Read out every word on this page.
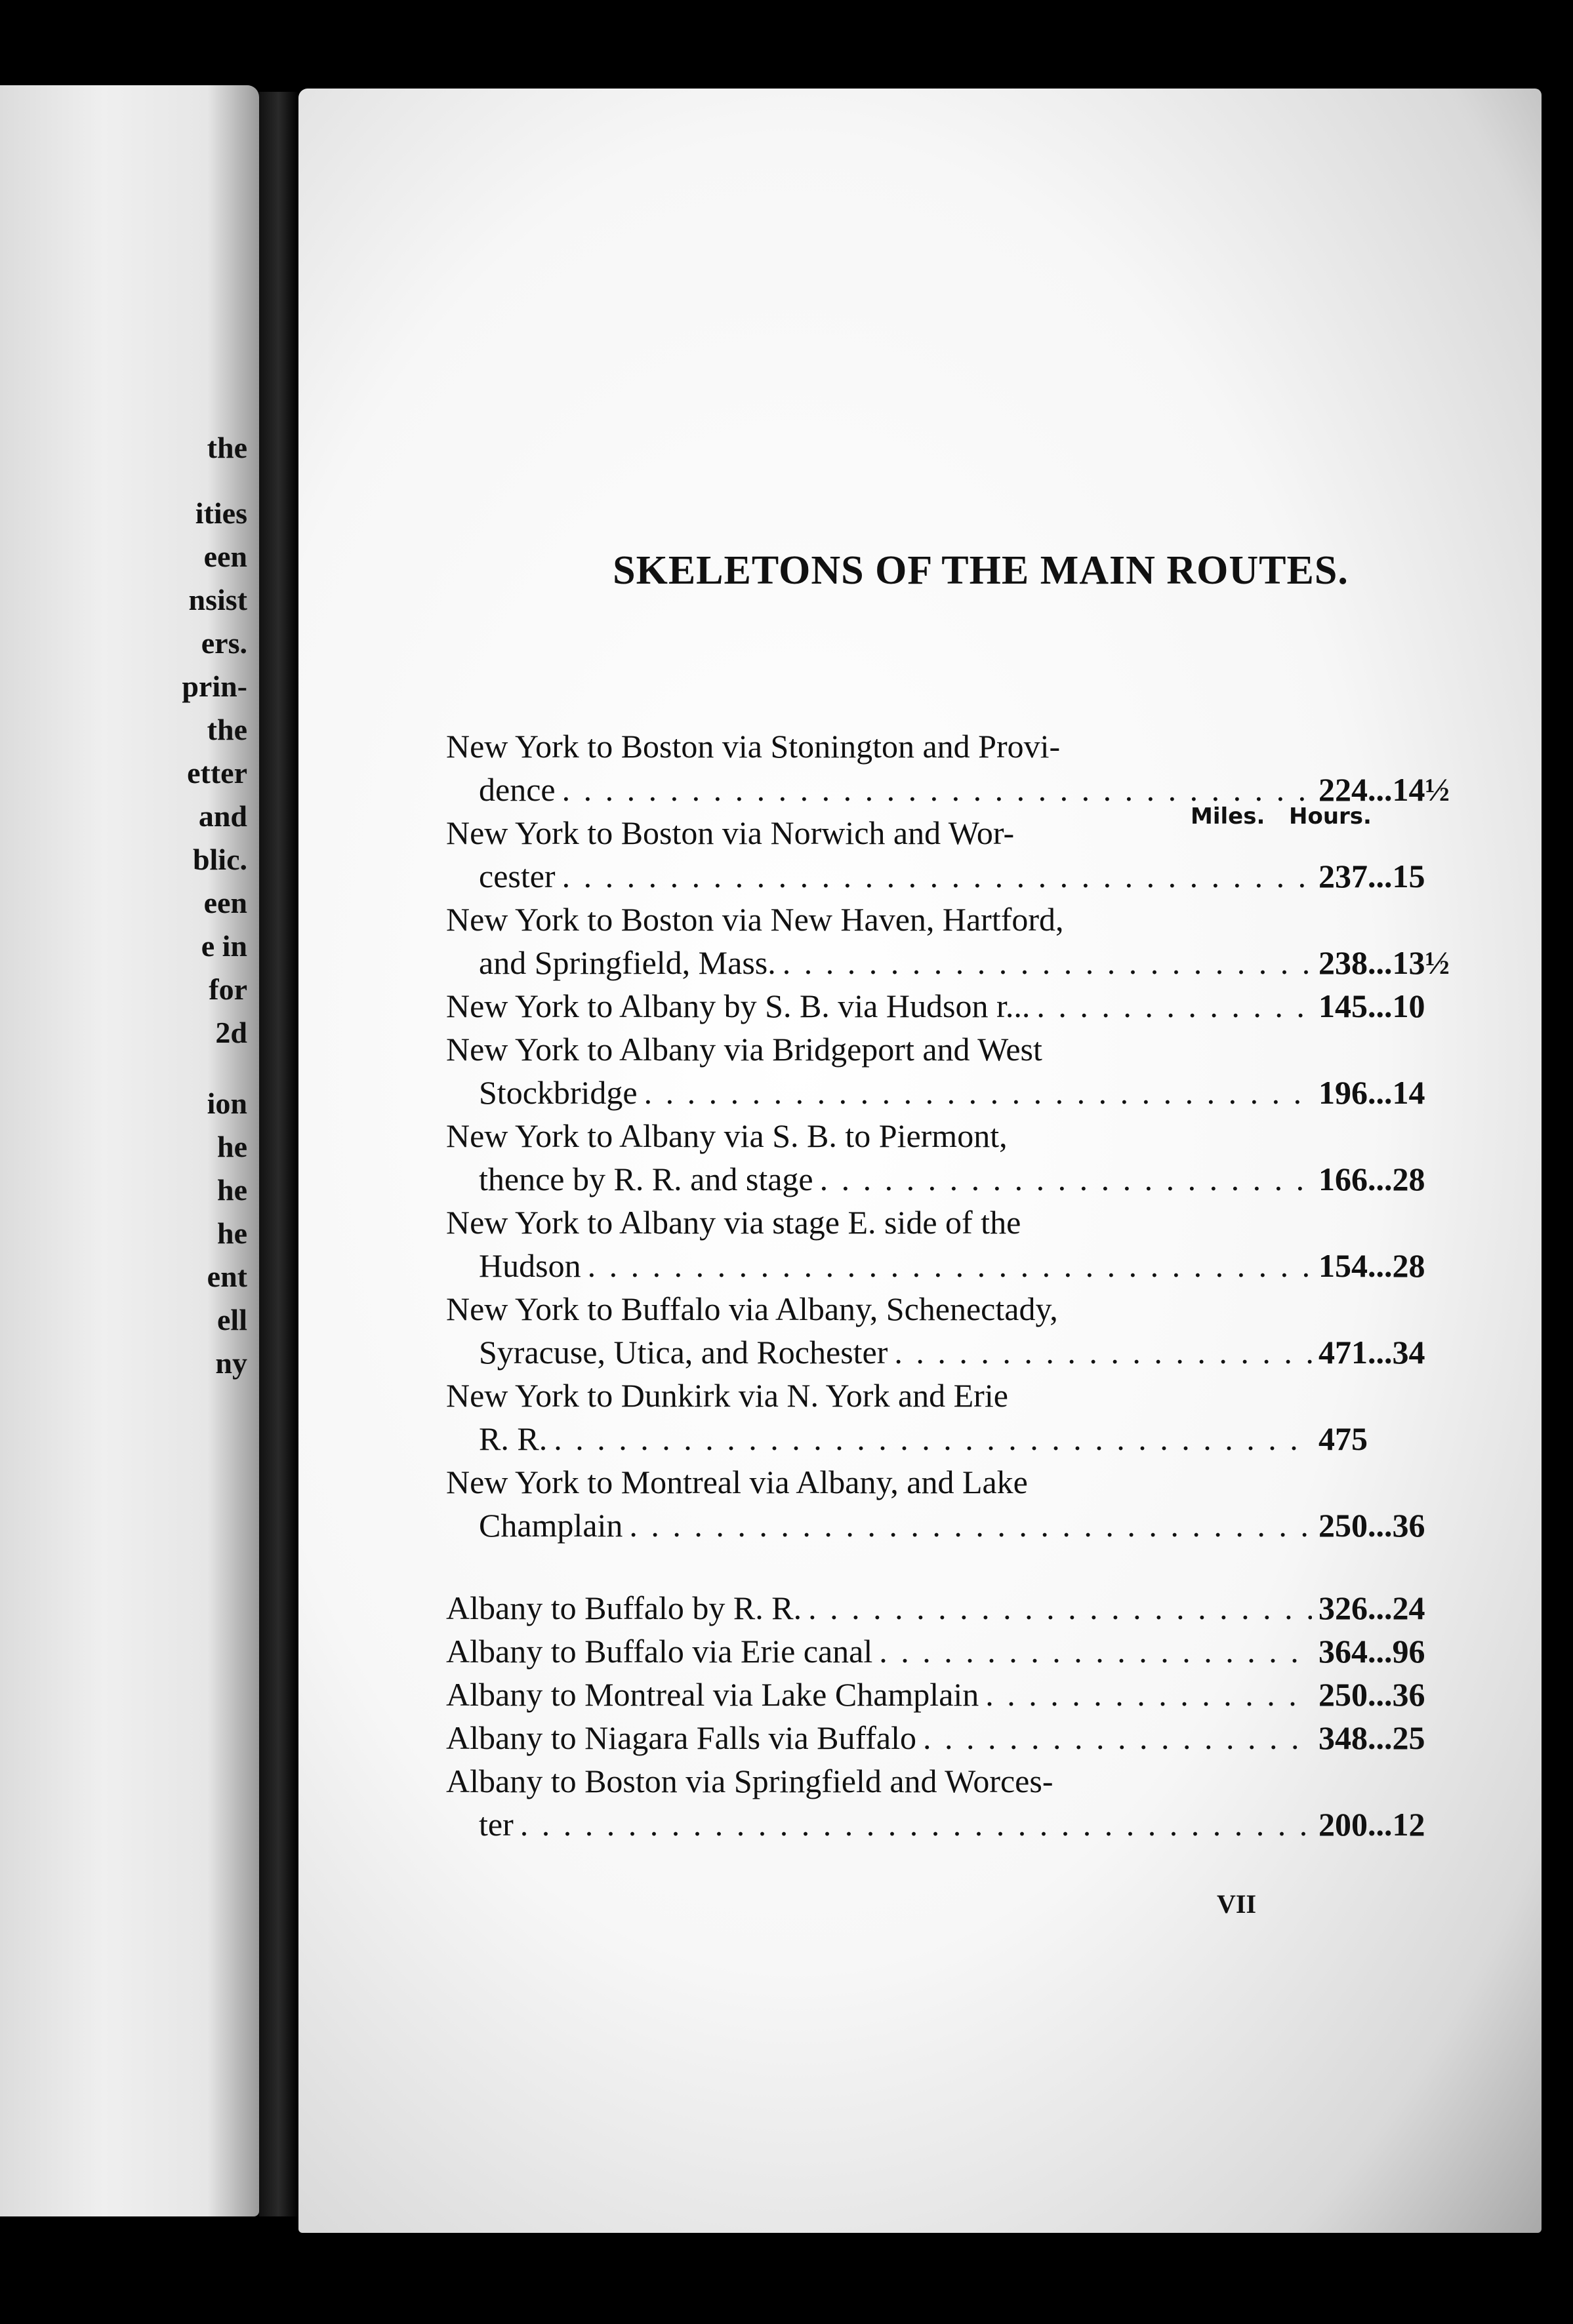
the
ities
een
nsist
ers.
prin-
the
etter
and
blic.
een
e in
for
2d
ion
he
he
he
ent
ell
ny
SKELETONS OF THE MAIN ROUTES.
Miles. Hours.
New York to Boston via Stonington and Provi-
dence . . .	224...14½
New York to Boston via Norwich and Wor-
cester . . .	237...15
New York to Boston via New Haven, Hartford,
and Springfield, Mass. . . .	238...13½
New York to Albany by S. B. via Hudson r... . . .	145...10
New York to Albany via Bridgeport and West
Stockbridge . . .	196...14
New York to Albany via S. B. to Piermont,
thence by R. R. and stage . . .	166...28
New York to Albany via stage E. side of the
Hudson . . .	154...28
New York to Buffalo via Albany, Schenectady,
Syracuse, Utica, and Rochester . . .	471...34
New York to Dunkirk via N. York and Erie
R. R. . . .	475
New York to Montreal via Albany, and Lake
Champlain . . .	250...36
Albany to Buffalo by R. R. . . .	326...24
Albany to Buffalo via Erie canal . . .	364...96
Albany to Montreal via Lake Champlain . . .	250...36
Albany to Niagara Falls via Buffalo . . .	348...25
Albany to Boston via Springfield and Worces-
ter . . .	200...12
VII
